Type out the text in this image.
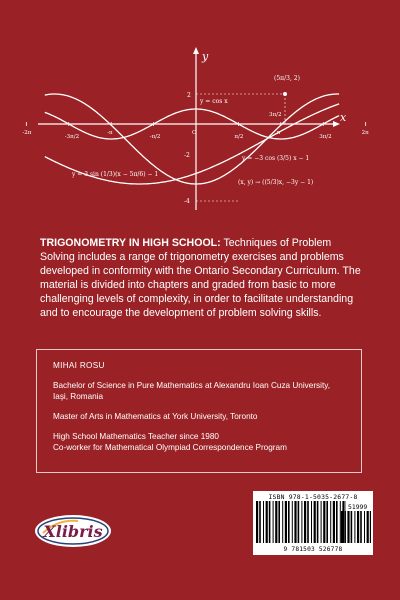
y
x
2
-2
-4
y = cos x
y = 3 sin (1/3)(x − 5π/6) − 1
y = −3 cos (3/5) x − 1
(x, y) → ((5/3)x, −3y − 1)
(5π/3, 2)
3π/2
-2π
-3π/2
-π
-π/2
O
π/2
π
3π/2
2π
TRIGONOMETRY IN HIGH SCHOOL: Techniques of Problem Solving includes a range of trigonometry exercises and problems developed in conformity with the Ontario Secondary Curriculum. The material is divided into chapters and graded from basic to more challenging levels of complexity, in order to facilitate understanding and to encourage the development of problem solving skills.

MIHAI ROSU

Bachelor of Science in Pure Mathematics at Alexandru Ioan Cuza University, Iaşi, Romania

Master of Arts in Mathematics at York University, Toronto

High School Mathematics Teacher since 1980

Co-worker for Mathematical Olympiad Correspondence Program

ISBN 978-1-5035-2677-8
51999
9 781503 526778
Xlibris
